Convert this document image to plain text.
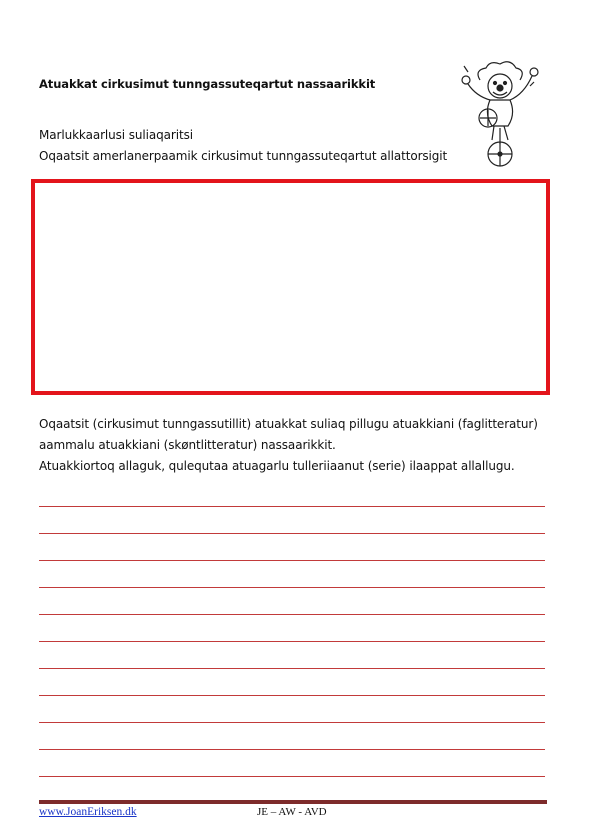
Atuakkat cirkusimut tunngassuteqartut nassaarikkit
Marlukkaarlusi suliaqaritsi
Oqaatsit amerlanerpaamik cirkusimut tunngassuteqartut allattorsigit
Oqaatsit (cirkusimut tunngassutillit) atuakkat suliaq pillugu atuakkiani (faglitteratur)
aammalu atuakkiani (skøntlitteratur) nassaarikkit.
Atuakkiortoq allaguk, qulequtaa atuagarlu tulleriiaanut (serie) ilaappat allallugu.
www.JoanEriksen.dk	JE – AW - AVD
